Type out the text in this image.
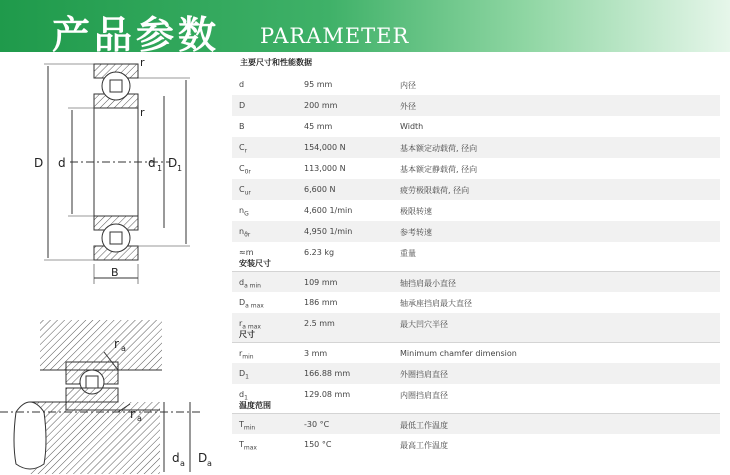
产品参数 PARAMETER
r
r
D d	d 1 D 1
B
r a
r a
d a D a
主要尺寸和性能数据
d	95 mm	内径
D	200 mm	外径
B	45 mm	Width
$C_r$	154,000 N	基本额定动载荷, 径向
$C_{0r}$	113,000 N	基本额定静载荷, 径向
$C_{ur}$	6,600 N	疲劳极限载荷, 径向
$n_G$	4,600 1/min	极限转速
$n_{ϑr}$	4,950 1/min	参考转速
≈m	6.23 kg	重量
安装尺寸
$d_{a min}$	109 mm	轴挡肩最小直径
$D_{a max}$	186 mm	轴承座挡肩最大直径
$r_{a max}$	2.5 mm	最大凹穴半径
尺寸
$r_{min}$	3 mm	Minimum chamfer dimension
$D_1$	166.88 mm	外圈挡肩直径
$d_1$	129.08 mm	内圈挡肩直径
温度范围
$T_{min}$	-30 °C	最低工作温度
$T_{max}$	150 °C	最高工作温度
